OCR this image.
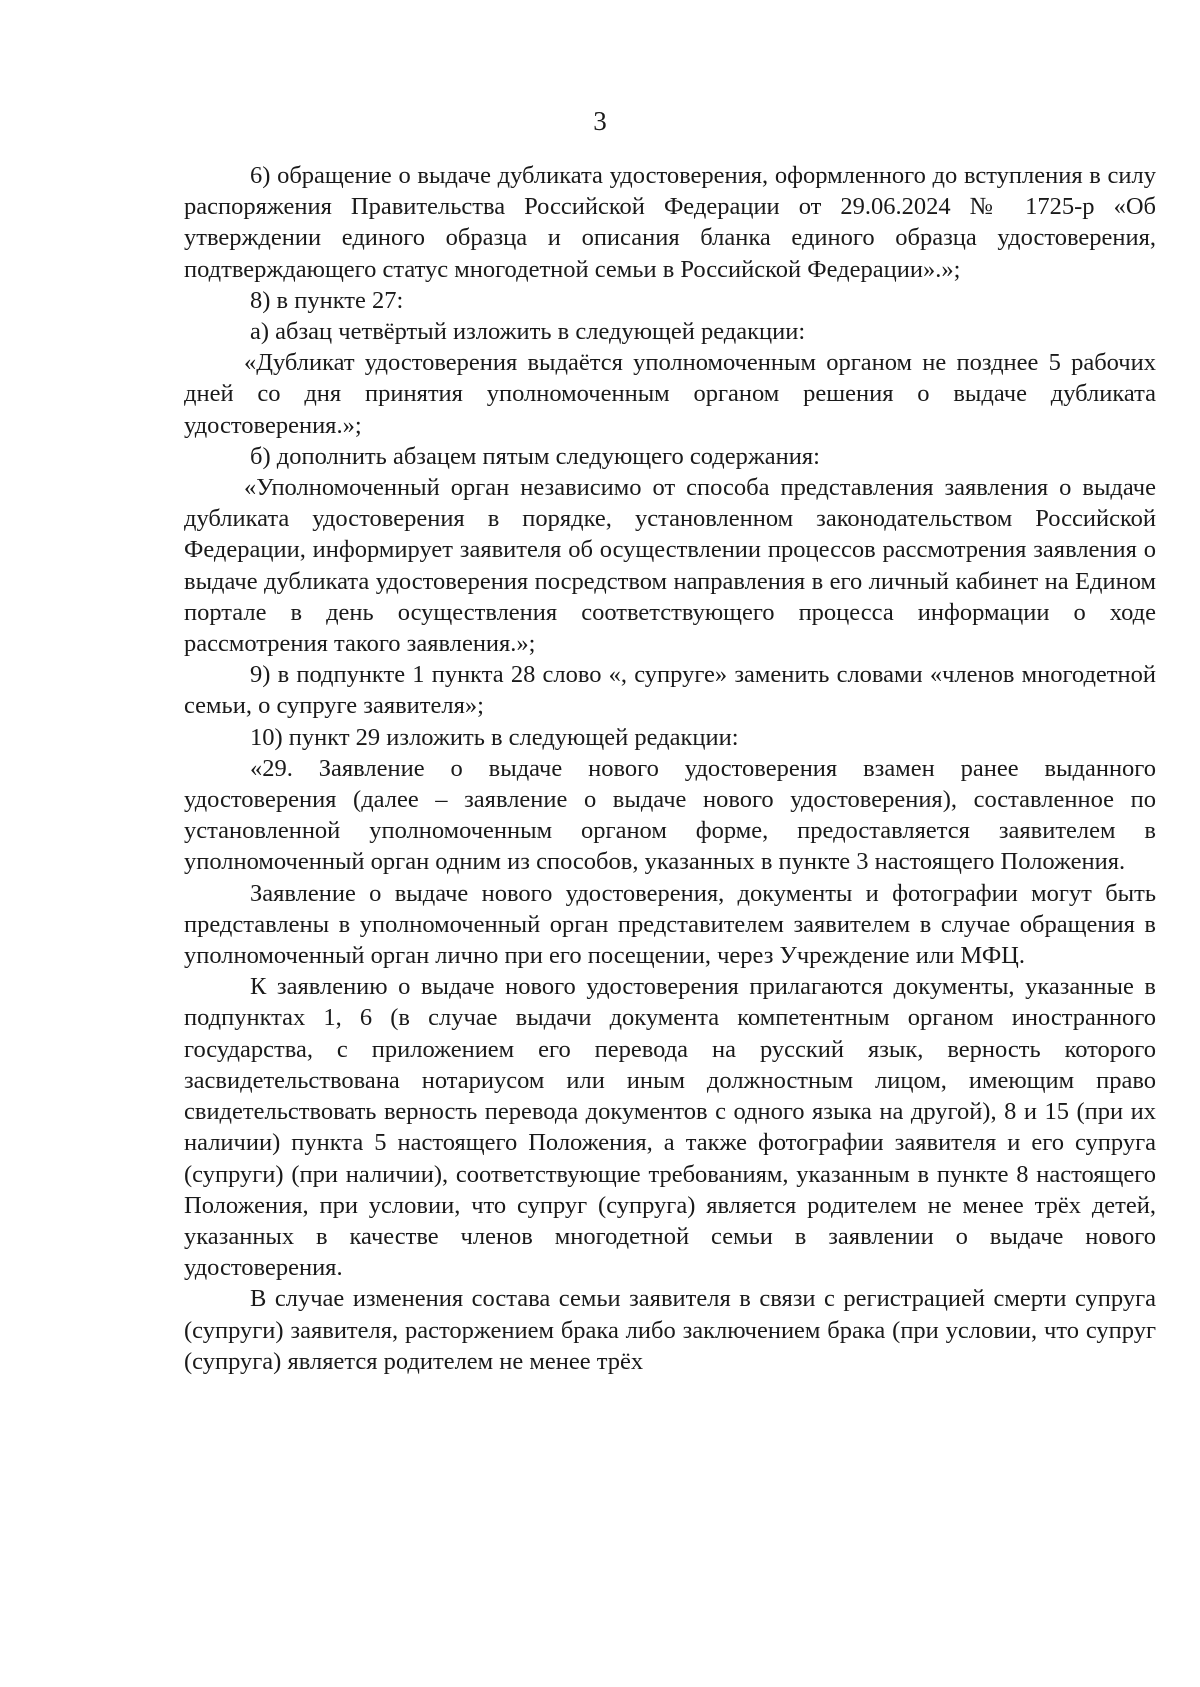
3

6) обращение о выдаче дубликата удостоверения, оформленного до вступления в силу распоряжения Правительства Российской Федерации от 29.06.2024 № 1725-р «Об утверждении единого образца и описания бланка единого образца удостоверения, подтверждающего статус многодетной семьи в Российской Федерации».»;

8) в пункте 27:

а) абзац четвёртый изложить в следующей редакции:

«Дубликат удостоверения выдаётся уполномоченным органом не позднее 5 рабочих дней со дня принятия уполномоченным органом решения о выдаче дубликата удостоверения.»;

б) дополнить абзацем пятым следующего содержания:

«Уполномоченный орган независимо от способа представления заявления о выдаче дубликата удостоверения в порядке, установленном законодательством Российской Федерации, информирует заявителя об осуществлении процессов рассмотрения заявления о выдаче дубликата удостоверения посредством направления в его личный кабинет на Едином портале в день осуществления соответствующего процесса информации о ходе рассмотрения такого заявления.»;

9) в подпункте 1 пункта 28 слово «, супруге» заменить словами «членов многодетной семьи, о супруге заявителя»;

10) пункт 29 изложить в следующей редакции:

«29. Заявление о выдаче нового удостоверения взамен ранее выданного удостоверения (далее – заявление о выдаче нового удостоверения), составленное по установленной уполномоченным органом форме, предоставляется заявителем в уполномоченный орган одним из способов, указанных в пункте 3 настоящего Положения.

Заявление о выдаче нового удостоверения, документы и фотографии могут быть представлены в уполномоченный орган представителем заявителем в случае обращения в уполномоченный орган лично при его посещении, через Учреждение или МФЦ.

К заявлению о выдаче нового удостоверения прилагаются документы, указанные в подпунктах 1, 6 (в случае выдачи документа компетентным органом иностранного государства, с приложением его перевода на русский язык, верность которого засвидетельствована нотариусом или иным должностным лицом, имеющим право свидетельствовать верность перевода документов с одного языка на другой), 8 и 15 (при их наличии) пункта 5 настоящего Положения, а также фотографии заявителя и его супруга (супруги) (при наличии), соответствующие требованиям, указанным в пункте 8 настоящего Положения, при условии, что супруг (супруга) является родителем не менее трёх детей, указанных в качестве членов многодетной семьи в заявлении о выдаче нового удостоверения.

В случае изменения состава семьи заявителя в связи с регистрацией смерти супруга (супруги) заявителя, расторжением брака либо заключением брака (при условии, что супруг (супруга) является родителем не менее трёх
